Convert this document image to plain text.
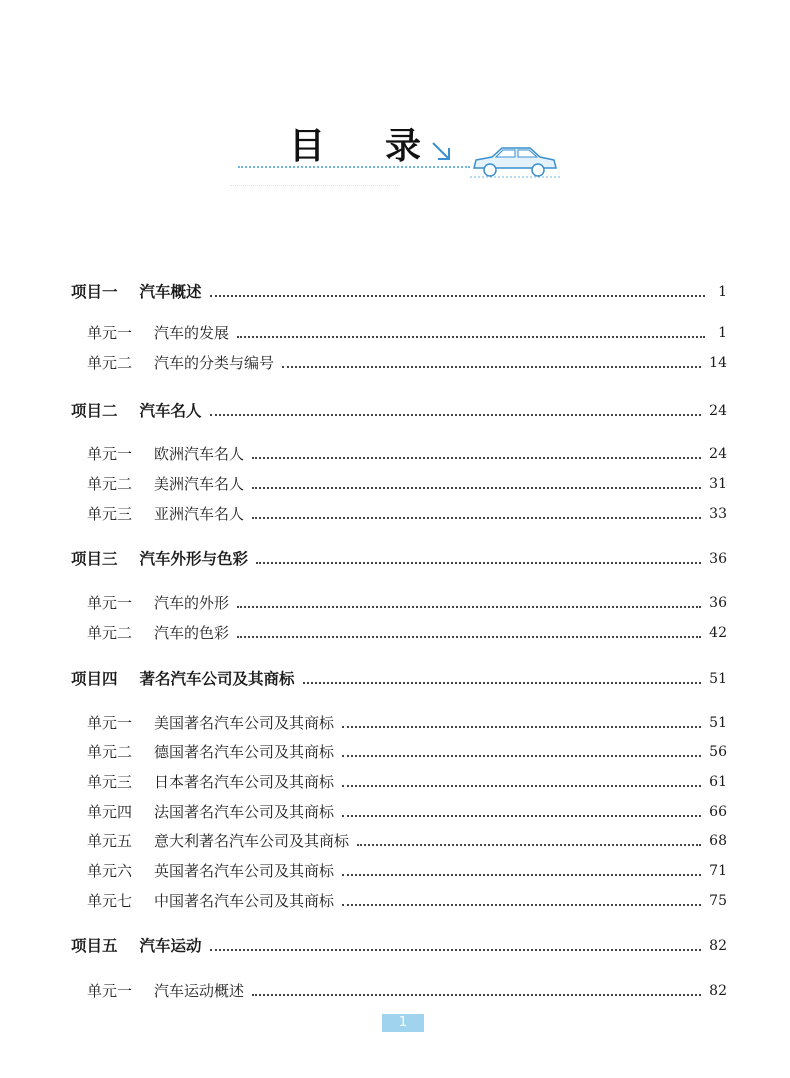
目 录
项目一 汽车概述	1
单元一 汽车的发展	1
单元二 汽车的分类与编号	14
项目二 汽车名人	24
单元一 欧洲汽车名人	24
单元二 美洲汽车名人	31
单元三 亚洲汽车名人	33
项目三 汽车外形与色彩	36
单元一 汽车的外形	36
单元二 汽车的色彩	42
项目四 著名汽车公司及其商标	51
单元一 美国著名汽车公司及其商标	51
单元二 德国著名汽车公司及其商标	56
单元三 日本著名汽车公司及其商标	61
单元四 法国著名汽车公司及其商标	66
单元五 意大利著名汽车公司及其商标	68
单元六 英国著名汽车公司及其商标	71
单元七 中国著名汽车公司及其商标	75
项目五 汽车运动	82
单元一 汽车运动概述	82
1
